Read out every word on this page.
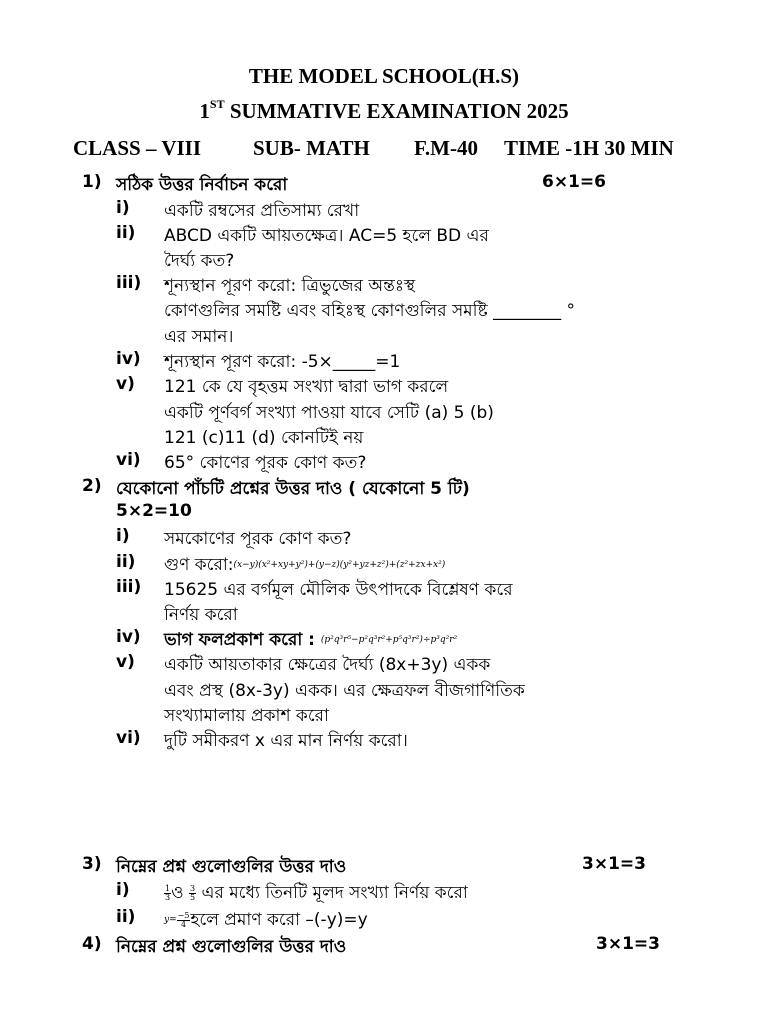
THE MODEL SCHOOL(H.S)
1ST SUMMATIVE EXAMINATION 2025
CLASS – VIII SUB- MATH F.M-40 TIME -1H 30 MIN
1) সঠিক উত্তর নির্বাচন করো	6×1=6
i) একটি রম্বসের প্রতিসাম্য রেখা
ii) ABCD একটি আয়তক্ষেত্র। AC=5 হলে BD এর
দৈর্ঘ্য কত?
iii) শূন্যস্থান পূরণ করো: ত্রিভুজের অন্তঃস্থ
কোণগুলির সমষ্টি এবং বহিঃস্থ কোণগুলির সমষ্টি ________ °
এর সমান।
iv) শূন্যস্থান পূরণ করো: -5×_____=1
v) 121 কে যে বৃহত্তম সংখ্যা দ্বারা ভাগ করলে
একটি পূর্ণবর্গ সংখ্যা পাওয়া যাবে সেটি (a) 5 (b)
121 (c)11 (d) কোনটিই নয়
vi) 65° কোণের পূরক কোণ কত?
2) যেকোনো পাঁচটি প্রশ্নের উত্তর দাও ( যেকোনো 5 টি)
5×2=10
i) সমকোণের পূরক কোণ কত?
ii) গুণ করো:(x−y)(x²+xy+y²)+(y−z)(y²+yz+z²)+(z²+zx+x²)
iii) 15625 এর বর্গমূল মৌলিক উৎপাদকে বিশ্লেষণ করে
নির্ণয় করো
iv) ভাগ ফলপ্রকাশ করো : (p²q³r⁵−p²q³r²+p⁵q³r²)÷p³q²r²
v) একটি আয়তাকার ক্ষেত্রের দৈর্ঘ্য (8x+3y) একক
এবং প্রস্থ (8x-3y) একক। এর ক্ষেত্রফল বীজগাণিতিক
সংখ্যামালায় প্রকাশ করো
vi) দুটি সমীকরণ x এর মান নির্ণয় করো।
3) নিম্নের প্রশ্ন গুলোগুলির উত্তর দাও	3×1=3
i)	$\frac{1}{3}$ ও $\frac{3}{5}$ এর মধ্যে তিনটি মূলদ সংখ্যা নির্ণয় করো
ii)	$y= \frac{-5}{4}$ হলে প্রমাণ করো –(-y)=y
4) নিম্নের প্রশ্ন গুলোগুলির উত্তর দাও	3×1=3
